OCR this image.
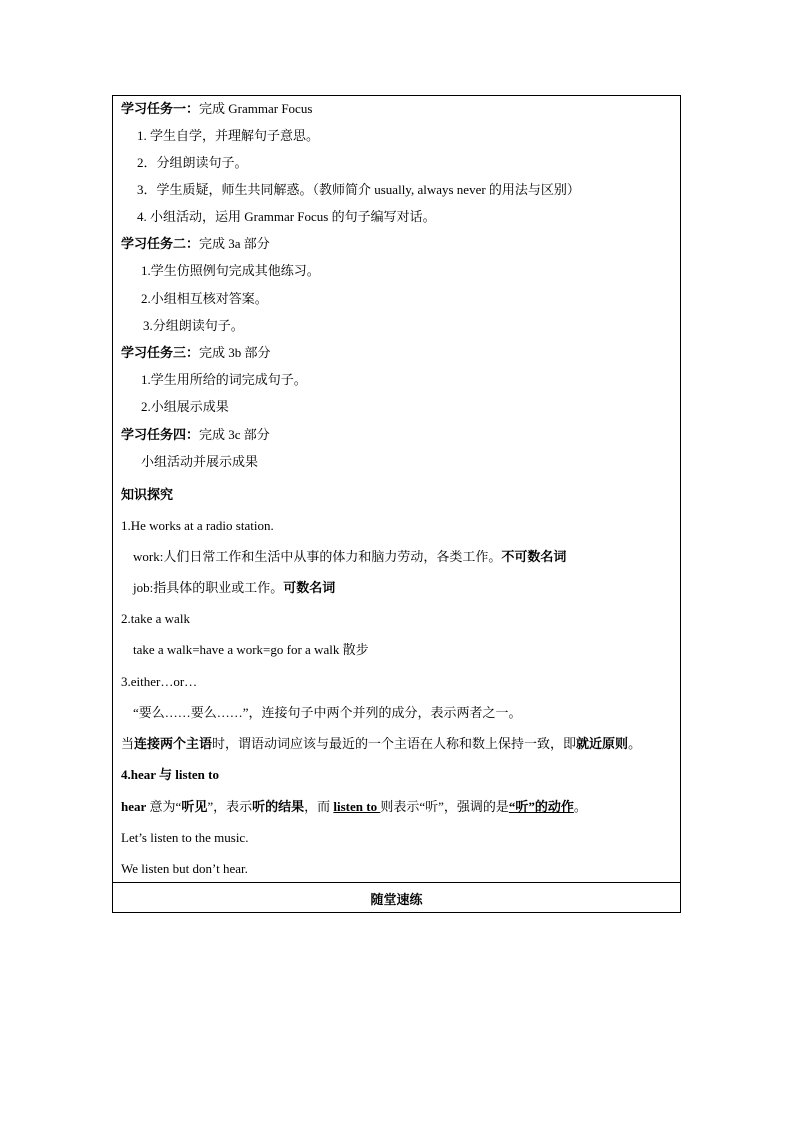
学习任务一：完成 Grammar Focus
1. 学生自学，并理解句子意思。
2．分组朗读句子。
3．学生质疑，师生共同解惑。（教师简介 usually, always never 的用法与区别）
4. 小组活动，运用 Grammar Focus 的句子编写对话。
学习任务二：完成 3a 部分
1.学生仿照例句完成其他练习。
2.小组相互核对答案。
3.分组朗读句子。
学习任务三：完成 3b 部分
1.学生用所给的词完成句子。
2.小组展示成果
学习任务四：完成 3c 部分
小组活动并展示成果
知识探究
1.He works at a radio station.
work:人们日常工作和生活中从事的体力和脑力劳动，各类工作。不可数名词
job:指具体的职业或工作。可数名词
2.take a walk
take a walk=have a work=go for a walk 散步
3.either…or…
“要么……要么……”，连接句子中两个并列的成分，表示两者之一。
当连接两个主语时，谓语动词应该与最近的一个主语在人称和数上保持一致，即就近原则。
4.hear 与 listen to
hear 意为“听见”，表示听的结果，而 listen to 则表示“听”，强调的是“听”的动作。
Let’s listen to the music.
We listen but don’t hear.
随堂速练
